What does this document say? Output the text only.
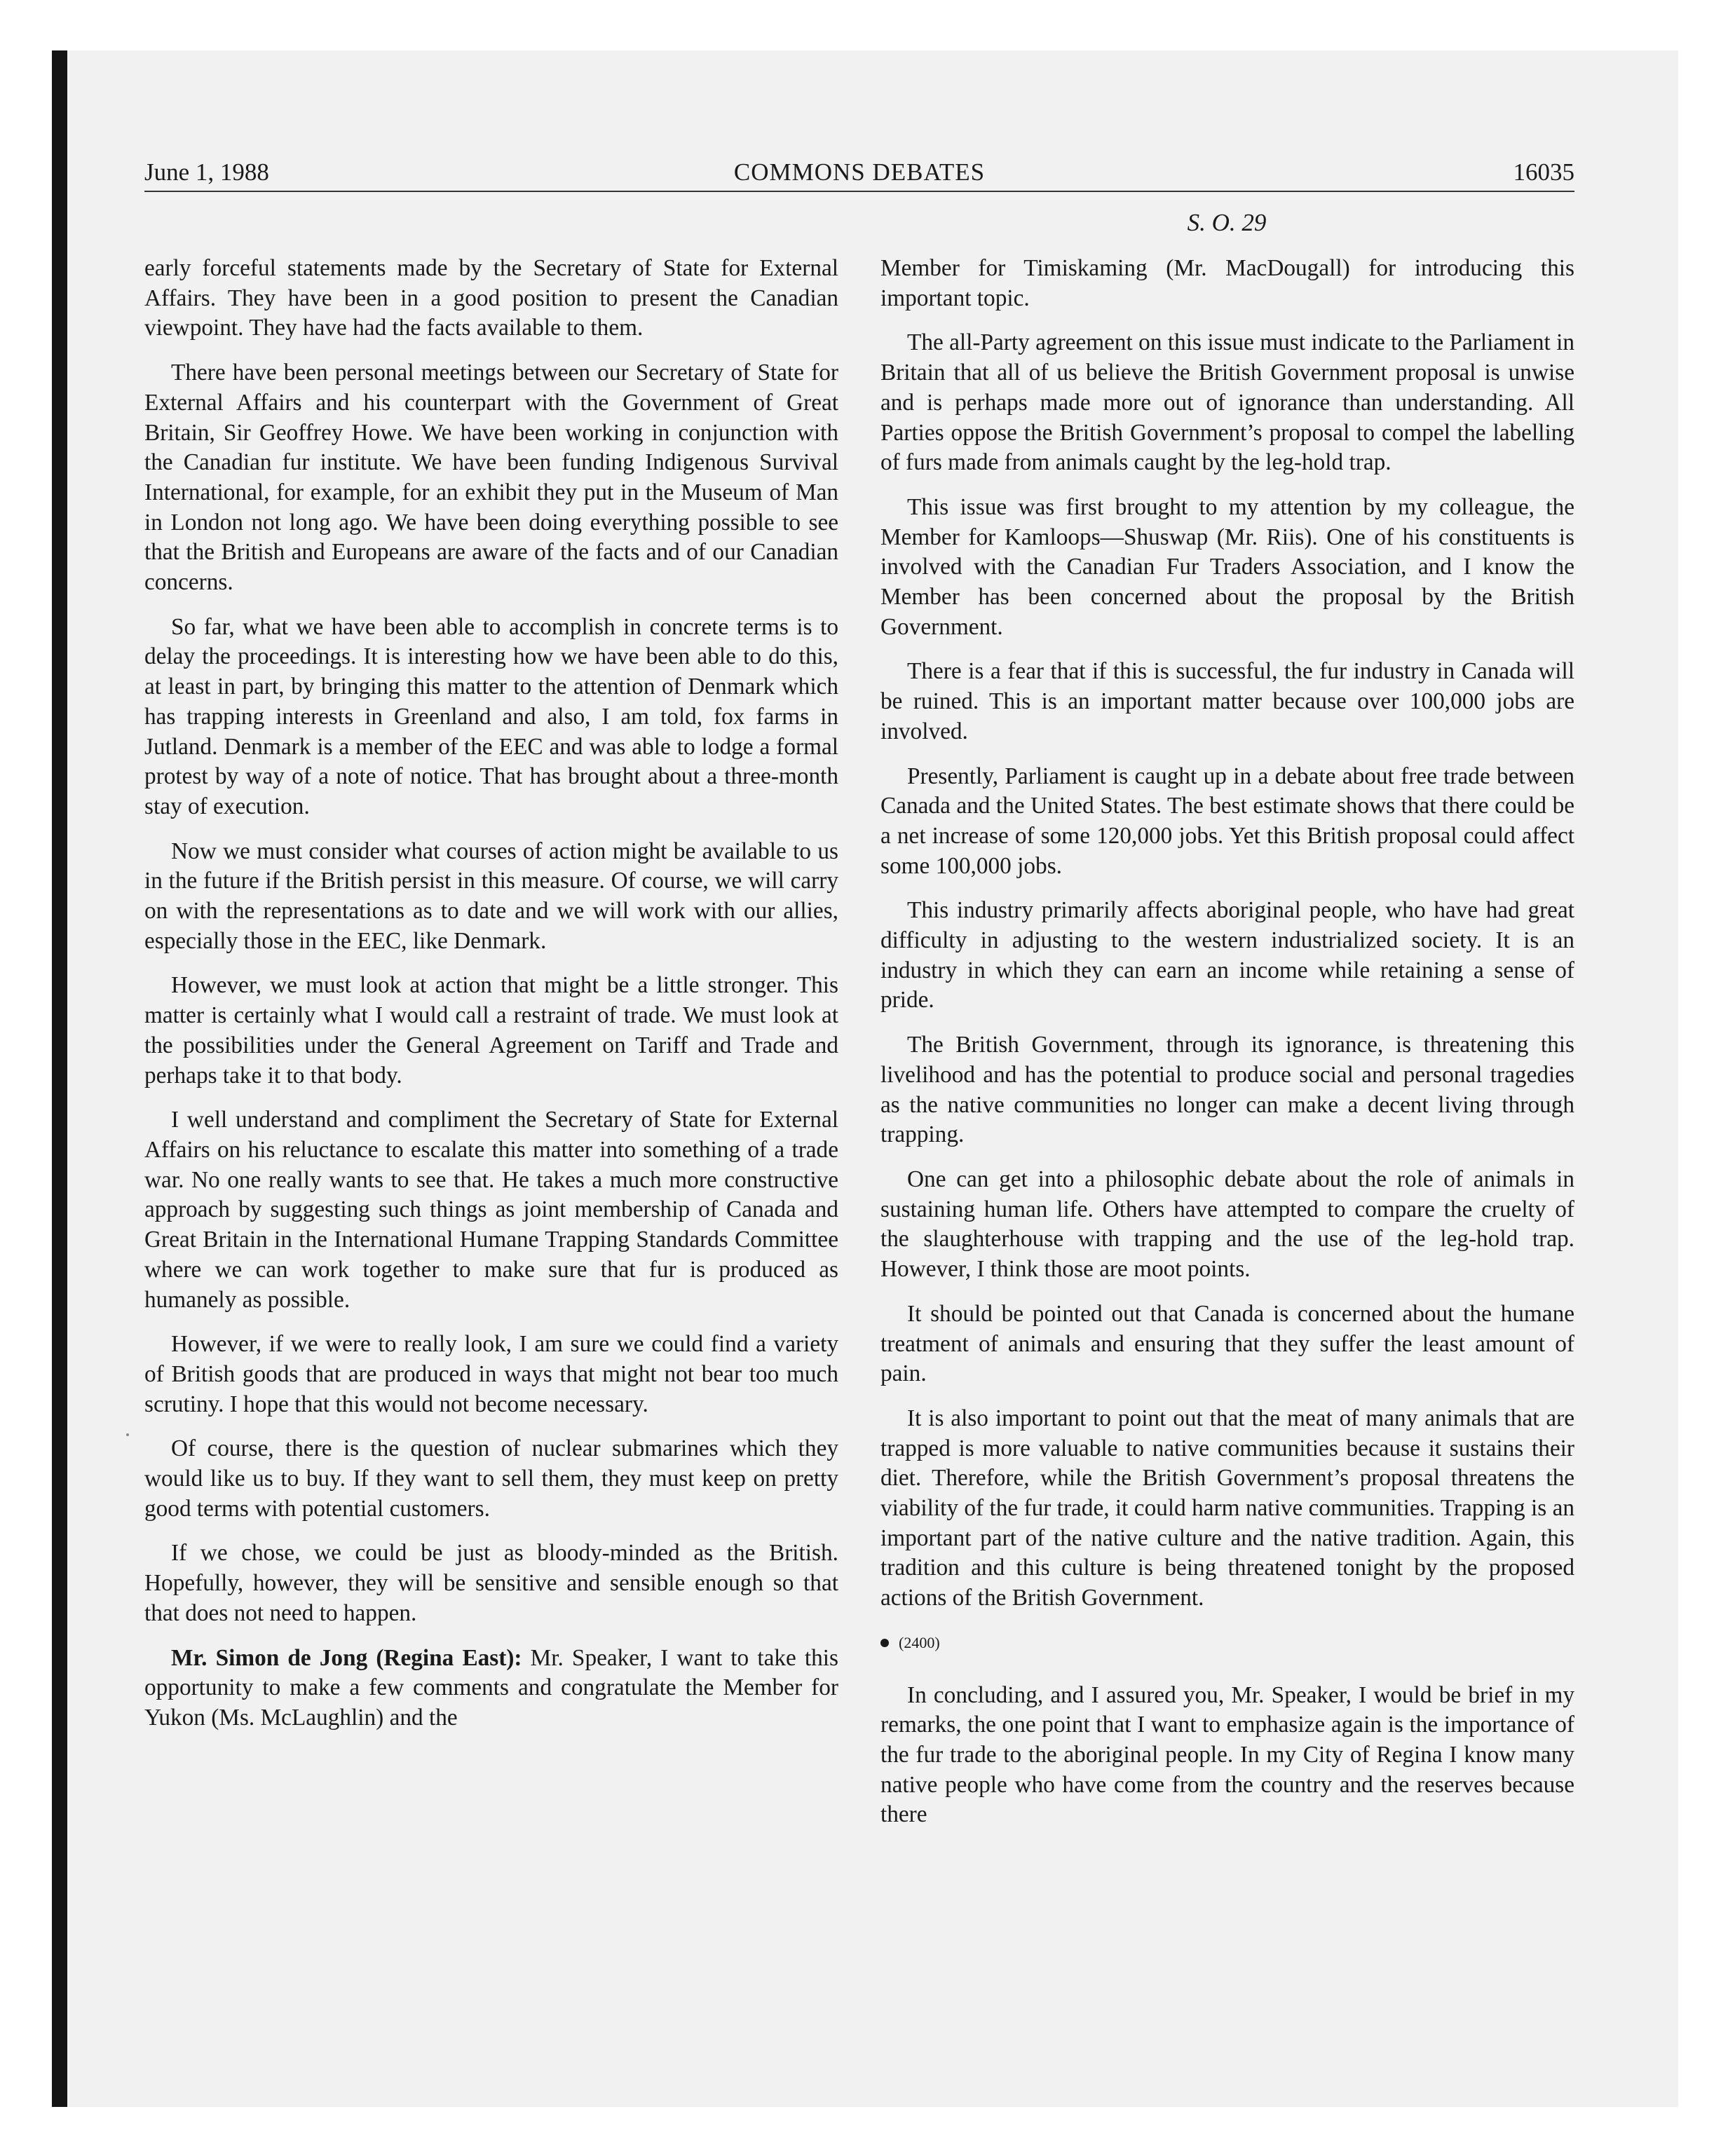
June 1, 1988	COMMONS DEBATES	16035
S. O. 29

early forceful statements made by the Secretary of State for External Affairs. They have been in a good position to present the Canadian viewpoint. They have had the facts available to them.

There have been personal meetings between our Secretary of State for External Affairs and his counterpart with the Government of Great Britain, Sir Geoffrey Howe. We have been working in conjunction with the Canadian fur institute. We have been funding Indigenous Survival International, for example, for an exhibit they put in the Museum of Man in London not long ago. We have been doing everything possible to see that the British and Europeans are aware of the facts and of our Canadian concerns.

So far, what we have been able to accomplish in concrete terms is to delay the proceedings. It is interesting how we have been able to do this, at least in part, by bringing this matter to the attention of Denmark which has trapping interests in Greenland and also, I am told, fox farms in Jutland. Denmark is a member of the EEC and was able to lodge a formal protest by way of a note of notice. That has brought about a three-month stay of execution.

Now we must consider what courses of action might be available to us in the future if the British persist in this measure. Of course, we will carry on with the representations as to date and we will work with our allies, especially those in the EEC, like Denmark.

However, we must look at action that might be a little stronger. This matter is certainly what I would call a restraint of trade. We must look at the possibilities under the General Agreement on Tariff and Trade and perhaps take it to that body.

I well understand and compliment the Secretary of State for External Affairs on his reluctance to escalate this matter into something of a trade war. No one really wants to see that. He takes a much more constructive approach by suggesting such things as joint membership of Canada and Great Britain in the International Humane Trapping Standards Committee where we can work together to make sure that fur is produced as humanely as possible.

However, if we were to really look, I am sure we could find a variety of British goods that are produced in ways that might not bear too much scrutiny. I hope that this would not become necessary.

Of course, there is the question of nuclear submarines which they would like us to buy. If they want to sell them, they must keep on pretty good terms with potential customers.

If we chose, we could be just as bloody-minded as the British. Hopefully, however, they will be sensitive and sensible enough so that that does not need to happen.

Mr. Simon de Jong (Regina East): Mr. Speaker, I want to take this opportunity to make a few comments and congratulate the Member for Yukon (Ms. McLaughlin) and the

Member for Timiskaming (Mr. MacDougall) for introducing this important topic.

The all-Party agreement on this issue must indicate to the Parliament in Britain that all of us believe the British Government proposal is unwise and is perhaps made more out of ignorance than understanding. All Parties oppose the British Government’s proposal to compel the labelling of furs made from animals caught by the leg-hold trap.

This issue was first brought to my attention by my colleague, the Member for Kamloops—Shuswap (Mr. Riis). One of his constituents is involved with the Canadian Fur Traders Association, and I know the Member has been concerned about the proposal by the British Government.

There is a fear that if this is successful, the fur industry in Canada will be ruined. This is an important matter because over 100,000 jobs are involved.

Presently, Parliament is caught up in a debate about free trade between Canada and the United States. The best estimate shows that there could be a net increase of some 120,000 jobs. Yet this British proposal could affect some 100,000 jobs.

This industry primarily affects aboriginal people, who have had great difficulty in adjusting to the western industrialized society. It is an industry in which they can earn an income while retaining a sense of pride.

The British Government, through its ignorance, is threatening this livelihood and has the potential to produce social and personal tragedies as the native communities no longer can make a decent living through trapping.

One can get into a philosophic debate about the role of animals in sustaining human life. Others have attempted to compare the cruelty of the slaughterhouse with trapping and the use of the leg-hold trap. However, I think those are moot points.

It should be pointed out that Canada is concerned about the humane treatment of animals and ensuring that they suffer the least amount of pain.

It is also important to point out that the meat of many animals that are trapped is more valuable to native communities because it sustains their diet. Therefore, while the British Government’s proposal threatens the viability of the fur trade, it could harm native communities. Trapping is an important part of the native culture and the native tradition. Again, this tradition and this culture is being threatened tonight by the proposed actions of the British Government.

(2400)

In concluding, and I assured you, Mr. Speaker, I would be brief in my remarks, the one point that I want to emphasize again is the importance of the fur trade to the aboriginal people. In my City of Regina I know many native people who have come from the country and the reserves because there
